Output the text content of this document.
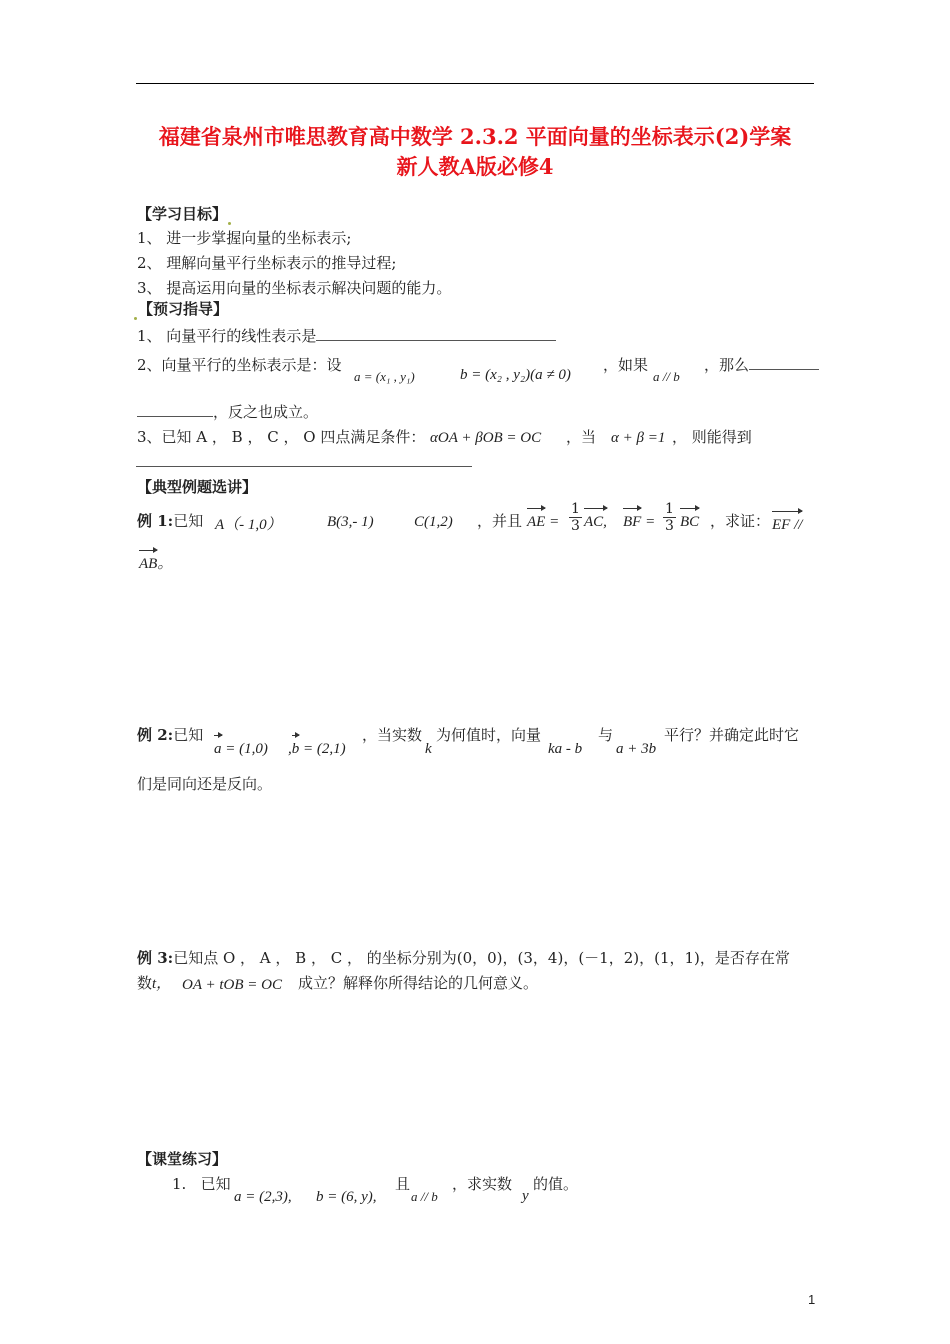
福建省泉州市唯思教育高中数学 2.3.2 平面向量的坐标表示(2)学案
新人教A版必修4
【学习目标】
1、 进一步掌握向量的坐标表示;
2、 理解向量平行坐标表示的推导过程;
3、 提高运用向量的坐标表示解决问题的能力。
【预习指导】
1、 向量平行的线性表示是
2、向量平行的坐标表示是：设
a = (x₁ , y₁)	b = (x₂ , y₂)(a ≠ 0)
，如果
a // b
，那么
，反之也成立。
3、已知 A ， B ， C ， O 四点满足条件： αOA + βOB = OC ，当 α + β =1 ， 则能得到
【典型例题选讲】
例 1:已知 A（- 1,0）	B(3,- 1)	C(1,2) ，并且 AE = $\frac{1}{3}$ AC, BF = $\frac{1}{3}$ BC ，求证： EF //
AB。
例 2:已知
a = (1,0) ,b = (2,1)
，当实数
k
为何值时，向量
ka - b
与
a + 3b
平行？并确定此时它
们是同向还是反向。
例 3:已知点 O ， A ， B ， C ， 的坐标分别为(0，0)，(3，4)，(－1，2)，(1，1)，是否存在常
数t， OA + tOB = OC 成立？解释你所得结论的几何意义。
【课堂练习】
1. 已知
a = (2,3), b = (6, y),
且
a // b
，求实数
y
的值。
1
